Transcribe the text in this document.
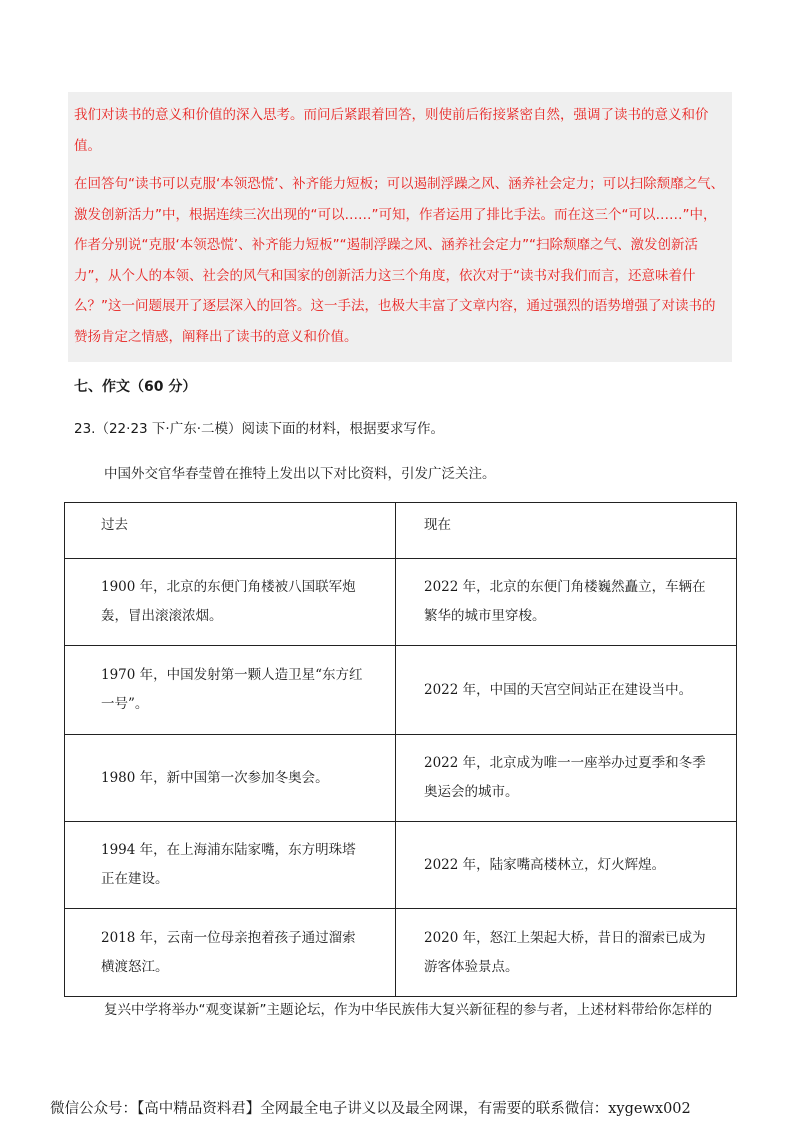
我们对读书的意义和价值的深入思考。而问后紧跟着回答，则使前后衔接紧密自然，强调了读书的意义和价值。

在回答句“读书可以克服‘本领恐慌’、补齐能力短板；可以遏制浮躁之风、涵养社会定力；可以扫除颓靡之气、激发创新活力”中，根据连续三次出现的“可以……”可知，作者运用了排比手法。而在这三个“可以……”中，作者分别说“克服‘本领恐慌’、补齐能力短板”“遏制浮躁之风、涵养社会定力”“扫除颓靡之气、激发创新活力”，从个人的本领、社会的风气和国家的创新活力这三个角度，依次对于“读书对我们而言，还意味着什么？”这一问题展开了逐层深入的回答。这一手法，也极大丰富了文章内容，通过强烈的语势增强了对读书的赞扬肯定之情感，阐释出了读书的意义和价值。

七、作文（60 分）
23.（22·23 下·广东·二模）阅读下面的材料，根据要求写作。
中国外交官华春莹曾在推特上发出以下对比资料，引发广泛关注。
过去	现在
1900 年，北京的东便门角楼被八国联军炮轰，冒出滚滚浓烟。	2022 年，北京的东便门角楼巍然矗立，车辆在繁华的城市里穿梭。
1970 年，中国发射第一颗人造卫星“东方红一号”。	2022 年，中国的天宫空间站正在建设当中。
1980 年，新中国第一次参加冬奥会。	2022 年，北京成为唯一一座举办过夏季和冬季奥运会的城市。
1994 年，在上海浦东陆家嘴，东方明珠塔正在建设。	2022 年，陆家嘴高楼林立，灯火辉煌。
2018 年，云南一位母亲抱着孩子通过溜索横渡怒江。	2020 年，怒江上架起大桥，昔日的溜索已成为游客体验景点。
复兴中学将举办“观变谋新”主题论坛，作为中华民族伟大复兴新征程的参与者，上述材料带给你怎样的
微信公众号：【高中精品资料君】全网最全电子讲义以及最全网课，有需要的联系微信：xygewx002
